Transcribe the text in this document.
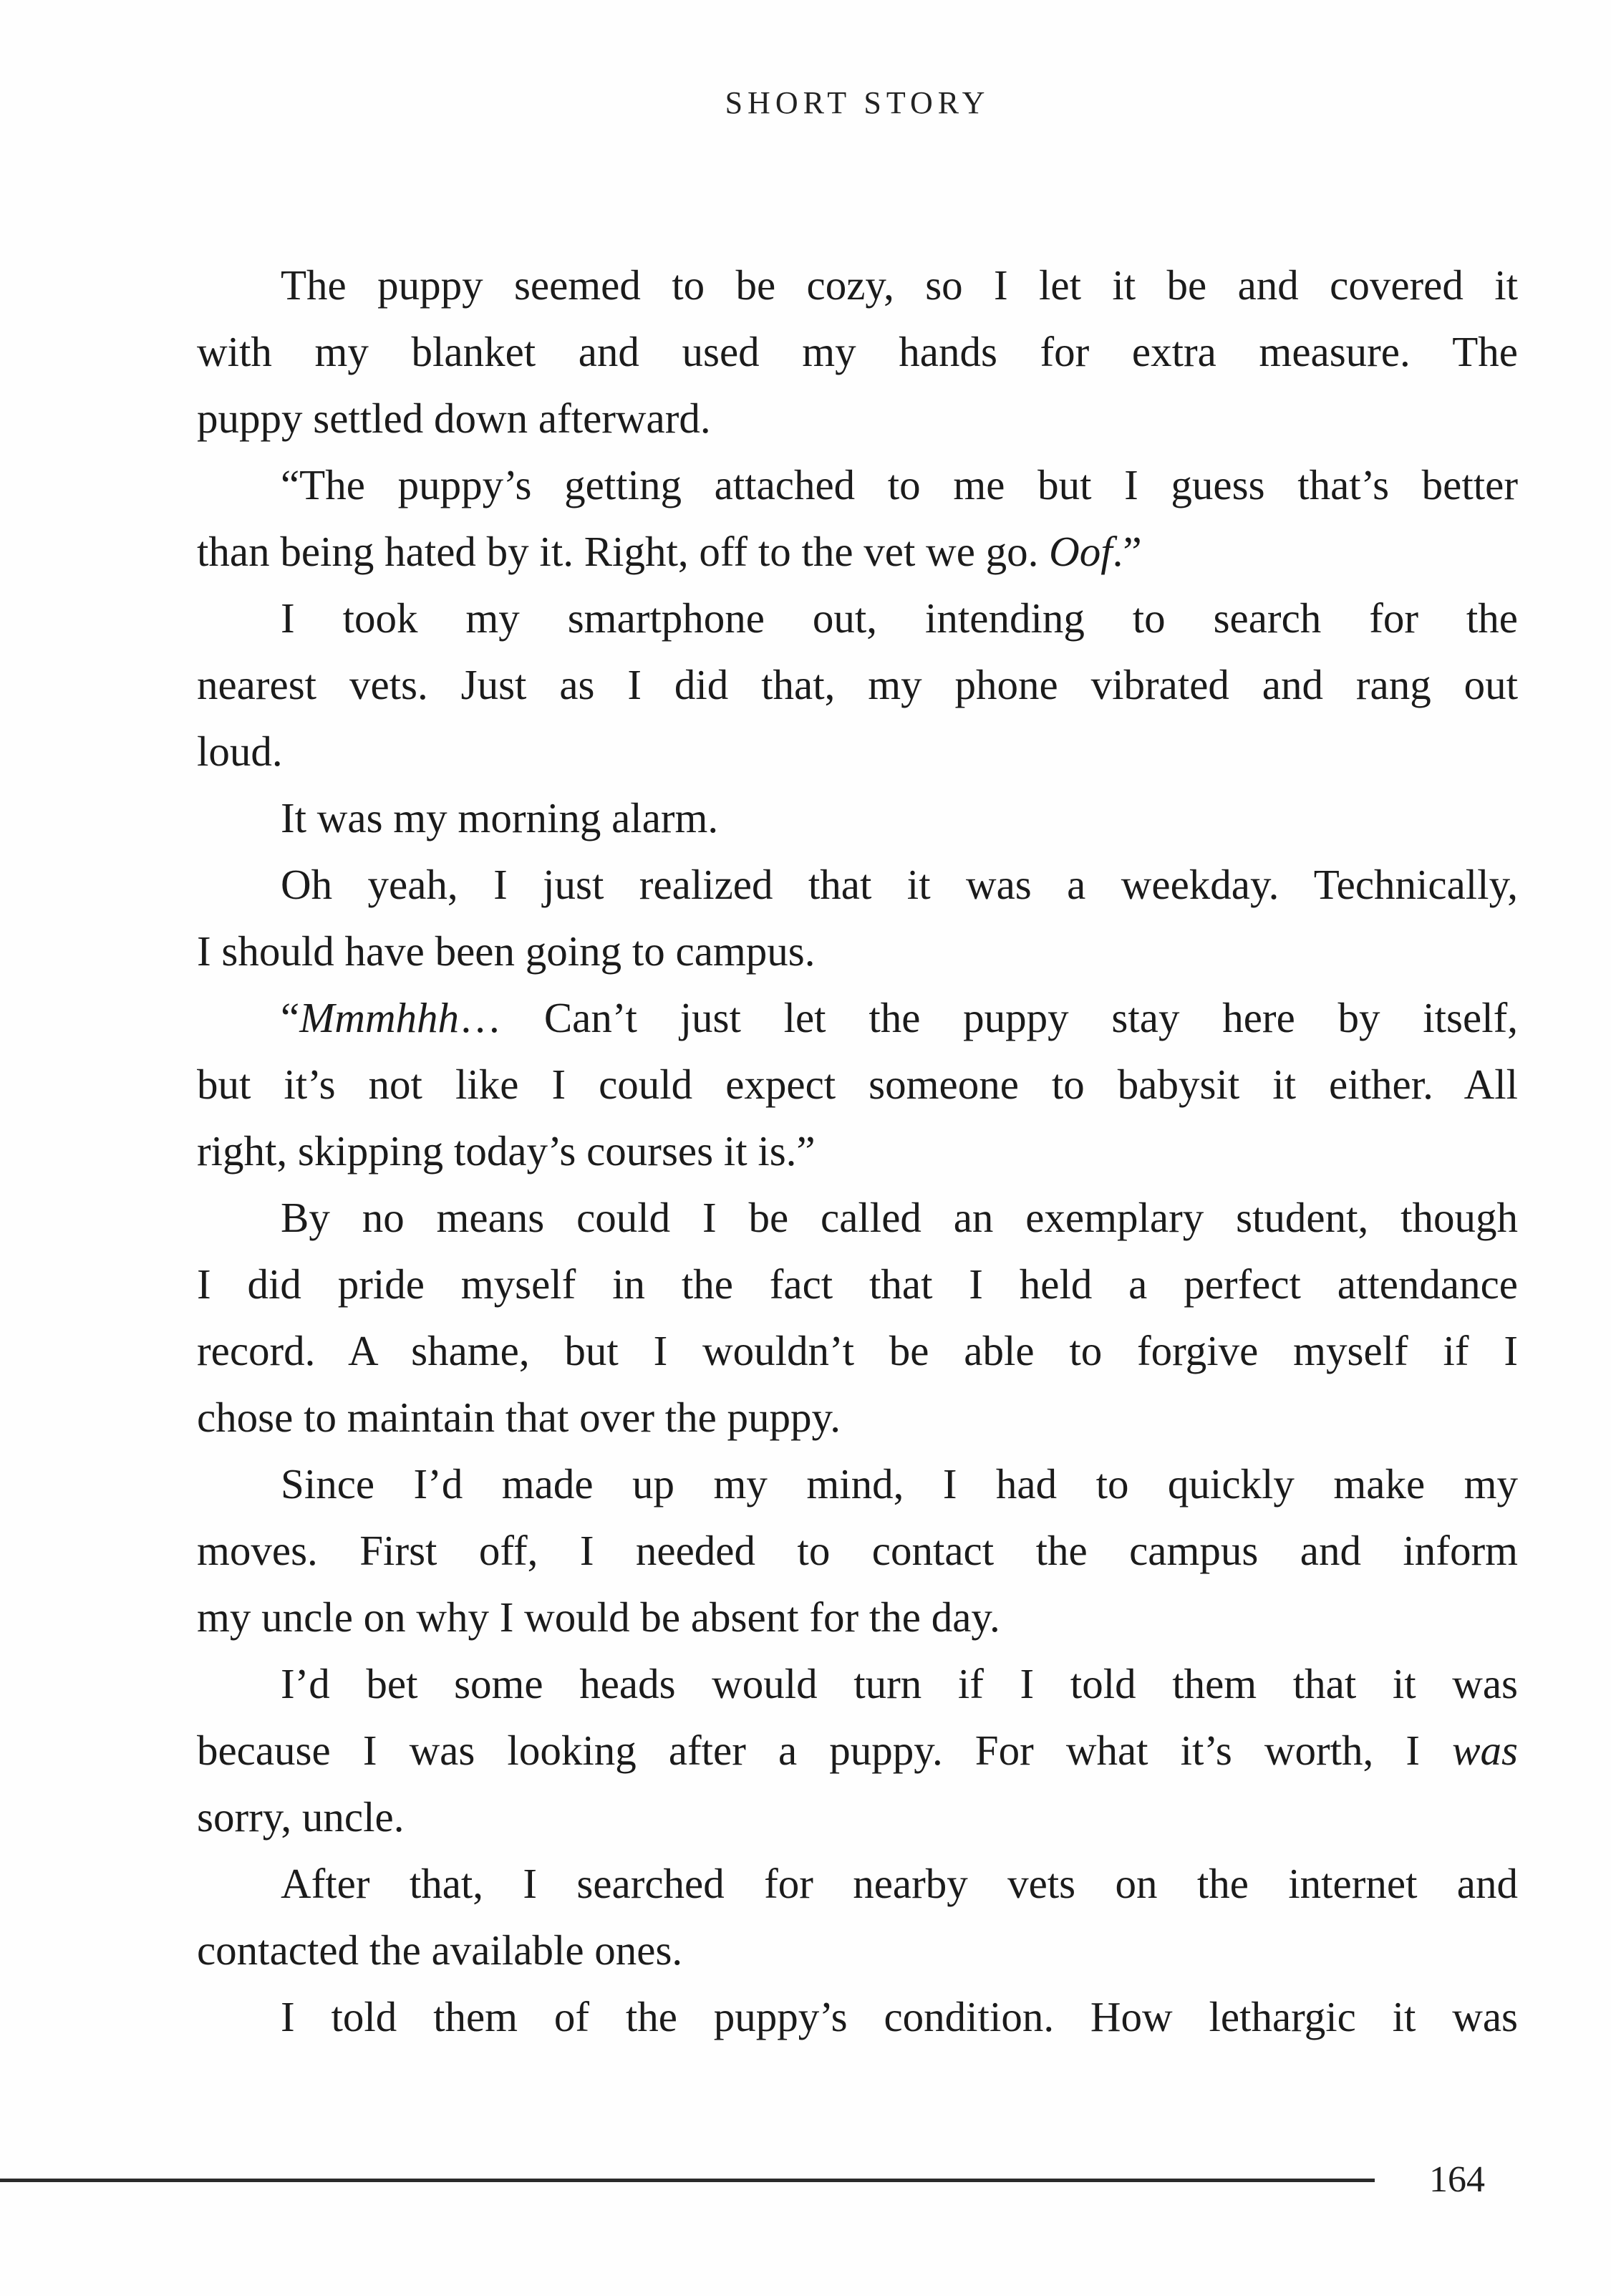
SHORT STORY
The puppy seemed to be cozy, so I let it be and covered it
with my blanket and used my hands for extra measure. The
puppy settled down afterward.
“The puppy’s getting attached to me but I guess that’s better
than being hated by it. Right, off to the vet we go. Oof.”
I took my smartphone out, intending to search for the
nearest vets. Just as I did that, my phone vibrated and rang out
loud.
It was my morning alarm.
Oh yeah, I just realized that it was a weekday. Technically,
I should have been going to campus.
“Mmmhhh… Can’t just let the puppy stay here by itself,
but it’s not like I could expect someone to babysit it either. All
right, skipping today’s courses it is.”
By no means could I be called an exemplary student, though
I did pride myself in the fact that I held a perfect attendance
record. A shame, but I wouldn’t be able to forgive myself if I
chose to maintain that over the puppy.
Since I’d made up my mind, I had to quickly make my
moves. First off, I needed to contact the campus and inform
my uncle on why I would be absent for the day.
I’d bet some heads would turn if I told them that it was
because I was looking after a puppy. For what it’s worth, I was
sorry, uncle.
After that, I searched for nearby vets on the internet and
contacted the available ones.
I told them of the puppy’s condition. How lethargic it was
164
